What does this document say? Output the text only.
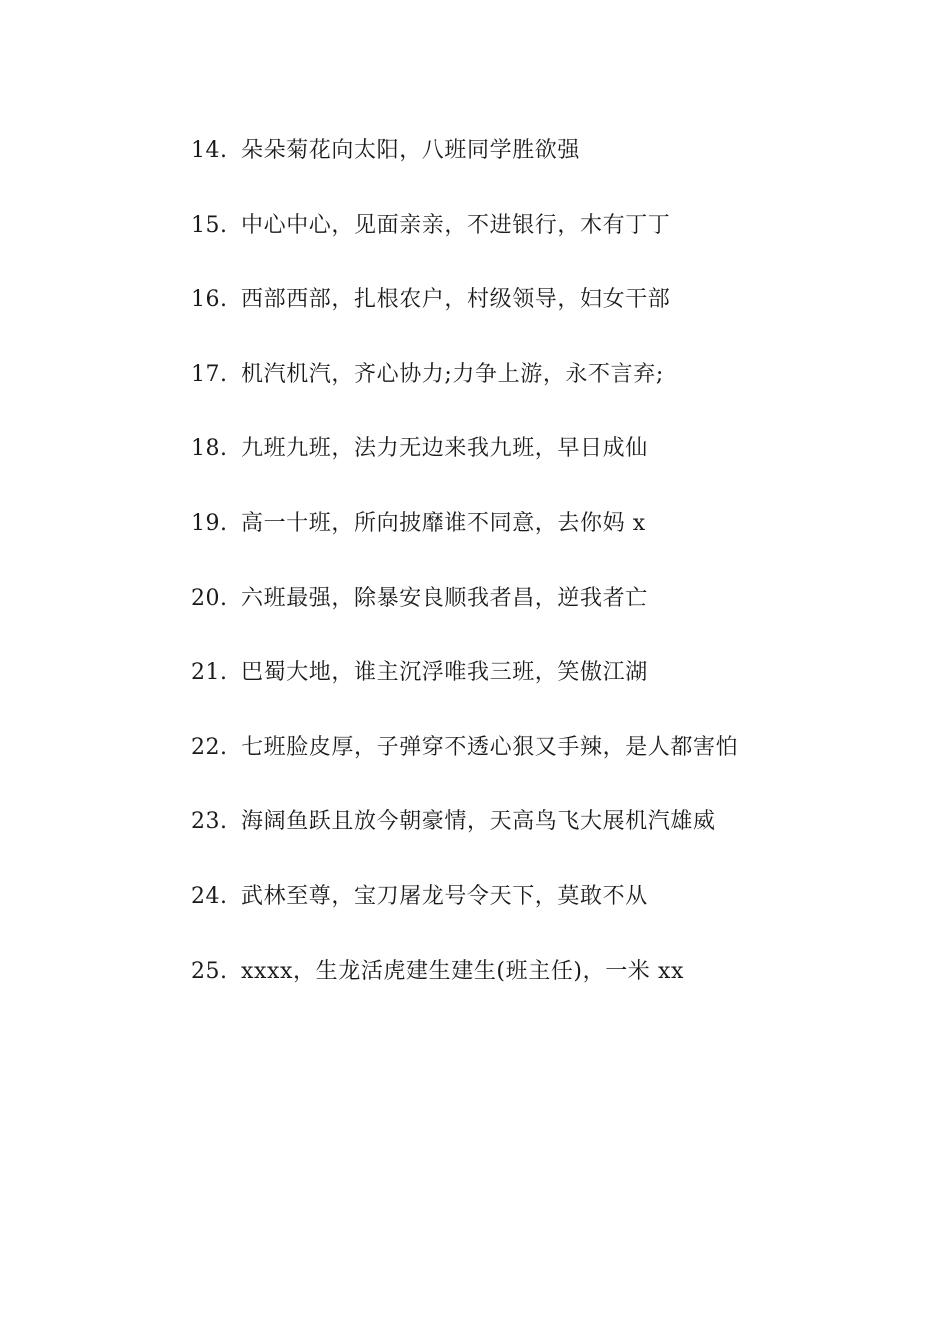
14. 朵朵菊花向太阳，八班同学胜欲强
15. 中心中心，见面亲亲，不进银行，木有丁丁
16. 西部西部，扎根农户，村级领导，妇女干部
17. 机汽机汽，齐心协力;力争上游，永不言弃;
18. 九班九班，法力无边来我九班，早日成仙
19. 高一十班，所向披靡谁不同意，去你妈 x
20. 六班最强，除暴安良顺我者昌，逆我者亡
21. 巴蜀大地，谁主沉浮唯我三班，笑傲江湖
22. 七班脸皮厚，子弹穿不透心狠又手辣，是人都害怕
23. 海阔鱼跃且放今朝豪情，天高鸟飞大展机汽雄威
24. 武林至尊，宝刀屠龙号令天下，莫敢不从
25. xxxx，生龙活虎建生建生(班主任)，一米 xx
